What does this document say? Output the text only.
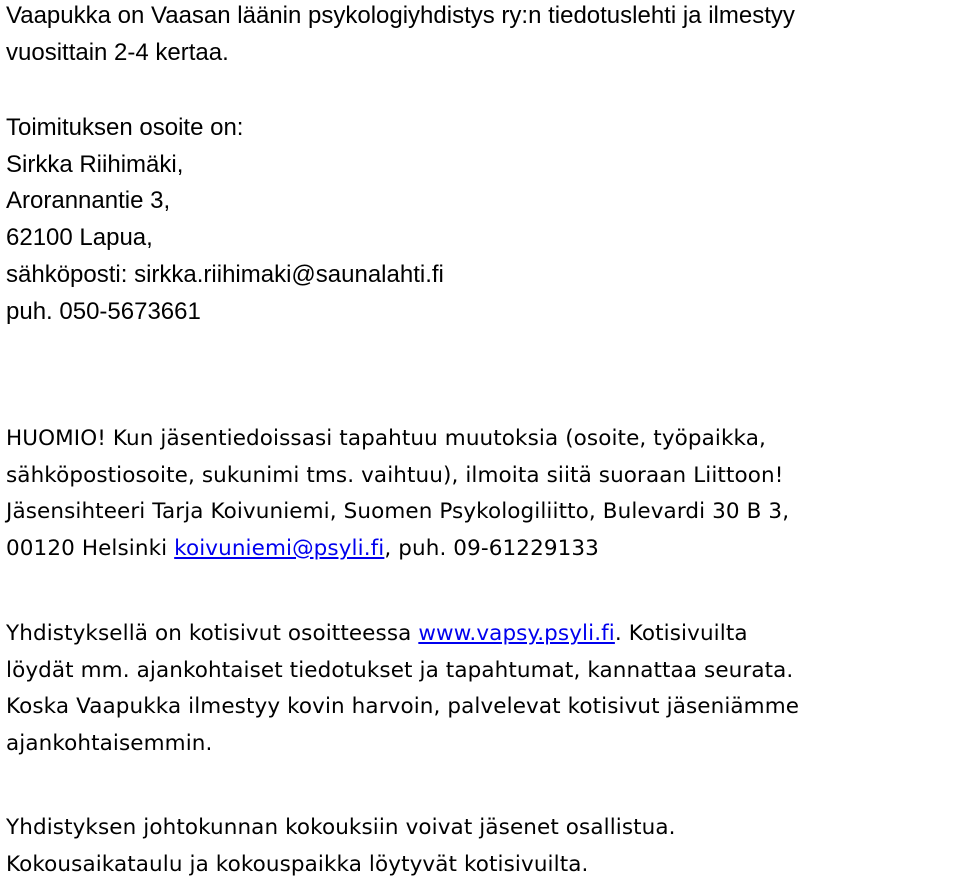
Vaapukka on Vaasan läänin psykologiyhdistys ry:n tiedotuslehti ja ilmestyy
vuosittain 2-4 kertaa.
Toimituksen osoite on:
Sirkka Riihimäki,
Arorannantie 3,
62100 Lapua,
sähköposti: sirkka.riihimaki@saunalahti.fi
puh. 050-5673661
HUOMIO! Kun jäsentiedoissasi tapahtuu muutoksia (osoite, työpaikka,
sähköpostiosoite, sukunimi tms. vaihtuu), ilmoita siitä suoraan Liittoon!
Jäsensihteeri Tarja Koivuniemi, Suomen Psykologiliitto, Bulevardi 30 B 3,
00120 Helsinki koivuniemi@psyli.fi, puh. 09-61229133
Yhdistyksellä on kotisivut osoitteessa www.vapsy.psyli.fi. Kotisivuilta
löydät mm. ajankohtaiset tiedotukset ja tapahtumat, kannattaa seurata.
Koska Vaapukka ilmestyy kovin harvoin, palvelevat kotisivut jäseniämme
ajankohtaisemmin.
Yhdistyksen johtokunnan kokouksiin voivat jäsenet osallistua.
Kokousaikataulu ja kokouspaikka löytyvät kotisivuilta.
